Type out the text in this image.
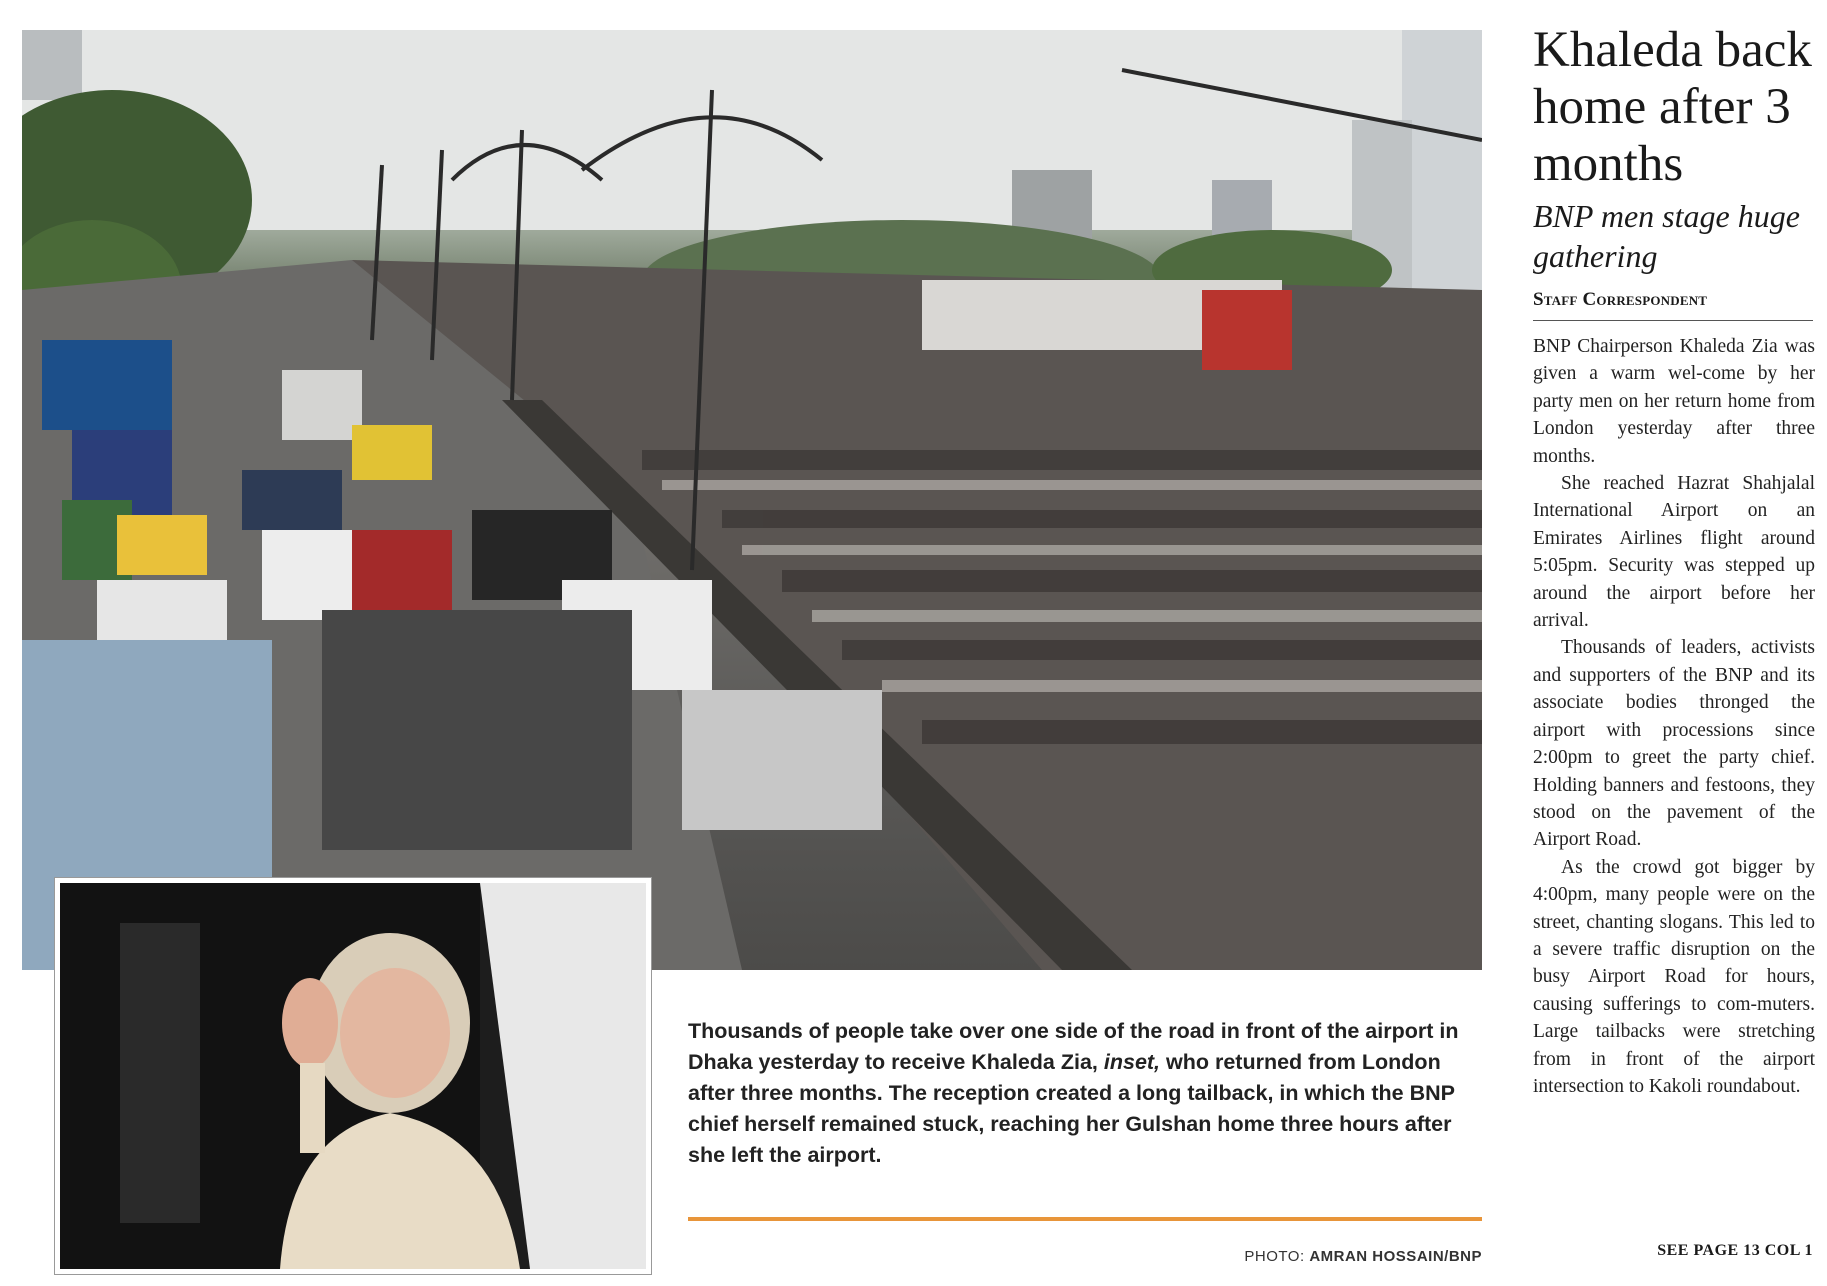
Thousands of people take over one side of the road in front of the airport in Dhaka yesterday to receive Khaleda Zia, inset, who returned from London after three months. The reception created a long tailback, in which the BNP chief herself remained stuck, reaching her Gulshan home three hours after she left the airport.
PHOTO: AMRAN HOSSAIN/BNP
Khaleda back home after 3 months
BNP men stage huge gathering
Staff Correspondent

BNP Chairperson Khaleda Zia was given a warm wel-come by her party men on her return home from London yesterday after three months.

She reached Hazrat Shahjalal International Airport on an Emirates Airlines flight around 5:05pm. Security was stepped up around the airport before her arrival.

Thousands of leaders, activists and supporters of the BNP and its associate bodies thronged the airport with processions since 2:00pm to greet the party chief. Holding banners and festoons, they stood on the pavement of the Airport Road.

As the crowd got bigger by 4:00pm, many people were on the street, chanting slogans. This led to a severe traffic disruption on the busy Airport Road for hours, causing sufferings to com-muters. Large tailbacks were stretching from in front of the airport intersection to Kakoli roundabout.

SEE PAGE 13 COL 1
